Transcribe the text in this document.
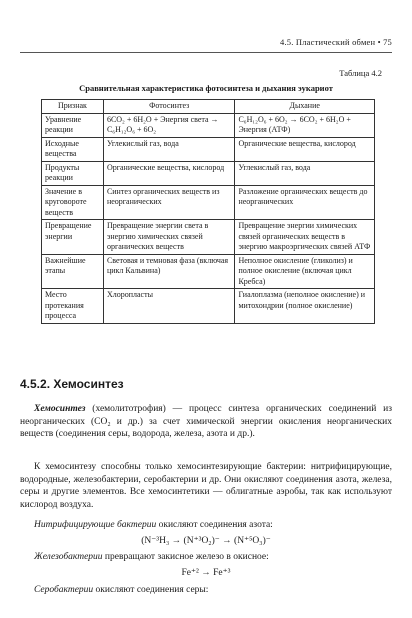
4.5. Пластический обмен • 75
Таблица 4.2
Сравнительная характеристика фотосинтеза и дыхания эукариот
Признак	Фотосинтез	Дыхание
Уравнение реакции	6CO₂ + 6H₂O + Энергия света → C₆H₁₂O₆ + 6O₂	C₆H₁₂O₆ + 6O₂ → 6CO₂ + 6H₂O + Энергия (АТФ)
Исходные вещества	Углекислый газ, вода	Органические вещества, кислород
Продукты реакции	Органические вещества, кислород	Углекислый газ, вода
Значение в круговороте веществ	Синтез органических веществ из неорганических	Разложение органических веществ до неорганических
Превращение энергии	Превращение энергии света в энергию химических связей органических веществ	Превращение энергии химических связей органических веществ в энергию макроэргических связей АТФ
Важнейшие этапы	Световая и темновая фаза (включая цикл Кальвина)	Неполное окисление (гликолиз) и полное окисление (включая цикл Кребса)
Место протекания процесса	Хлоропласты	Гиалоплазма (неполное окисление) и митохондрии (полное окисление)
4.5.2. Хемосинтез
Хемосинтез (хемолитотрофия) — процесс синтеза органических соединений из неорганических (CO₂ и др.) за счет химической энергии окисления неорганических веществ (соединения серы, водорода, железа, азота и др.).
К хемосинтезу способны только хемосинтезирующие бактерии: нитрифицирующие, водородные, железобактерии, серобактерии и др. Они окисляют соединения азота, железа, серы и другие элементов. Все хемосинтетики — облигатные аэробы, так как используют кислород воздуха.
Нитрифицирующие бактерии окисляют соединения азота:
(N⁻³H₃ → (N⁺³O₂)⁻ → (N⁺⁵O₃)⁻
Железобактерии превращают закисное железо в окисное:
Fe⁺² → Fe⁺³
Серобактерии окисляют соединения серы:
